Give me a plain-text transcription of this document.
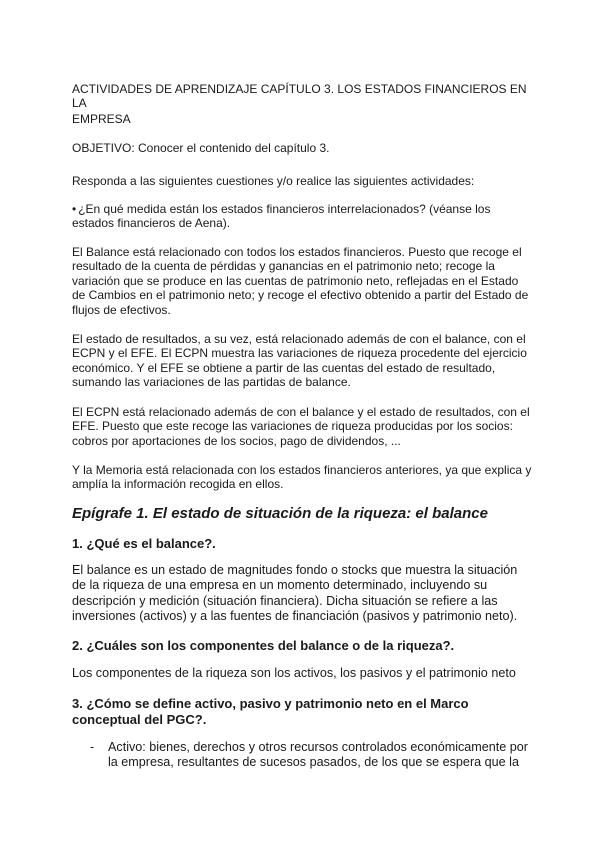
ACTIVIDADES DE APRENDIZAJE CAPÍTULO 3. LOS ESTADOS FINANCIEROS EN LA

EMPRESA

OBJETIVO: Conocer el contenido del capítulo 3.

Responda a las siguientes cuestiones y/o realice las siguientes actividades:

• ¿En qué medida están los estados financieros interrelacionados? (véanse los estados financieros de Aena).

El Balance está relacionado con todos los estados financieros. Puesto que recoge el resultado de la cuenta de pérdidas y ganancias en el patrimonio neto; recoge la variación que se produce en las cuentas de patrimonio neto, reflejadas en el Estado de Cambios en el patrimonio neto; y recoge el efectivo obtenido a partir del Estado de flujos de efectivos.

El estado de resultados, a su vez, está relacionado además de con el balance, con el ECPN y el EFE. El ECPN muestra las variaciones de riqueza procedente del ejercicio económico. Y el EFE se obtiene a partir de las cuentas del estado de resultado, sumando las variaciones de las partidas de balance.

El ECPN está relacionado además de con el balance y el estado de resultados, con el EFE. Puesto que este recoge las variaciones de riqueza producidas por los socios: cobros por aportaciones de los socios, pago de dividendos, ...

Y la Memoria está relacionada con los estados financieros anteriores, ya que explica y amplía la información recogida en ellos.

Epígrafe 1. El estado de situación de la riqueza: el balance
1. ¿Qué es el balance?.

El balance es un estado de magnitudes fondo o stocks que muestra la situación de la riqueza de una empresa en un momento determinado, incluyendo su descripción y medición (situación financiera). Dicha situación se refiere a las inversiones (activos) y a las fuentes de financiación (pasivos y patrimonio neto).

2. ¿Cuáles son los componentes del balance o de la riqueza?.

Los componentes de la riqueza son los activos, los pasivos y el patrimonio neto

3. ¿Cómo se define activo, pasivo y patrimonio neto en el Marco conceptual del PGC?.
- Activo: bienes, derechos y otros recursos controlados económicamente por la empresa, resultantes de sucesos pasados, de los que se espera que la
